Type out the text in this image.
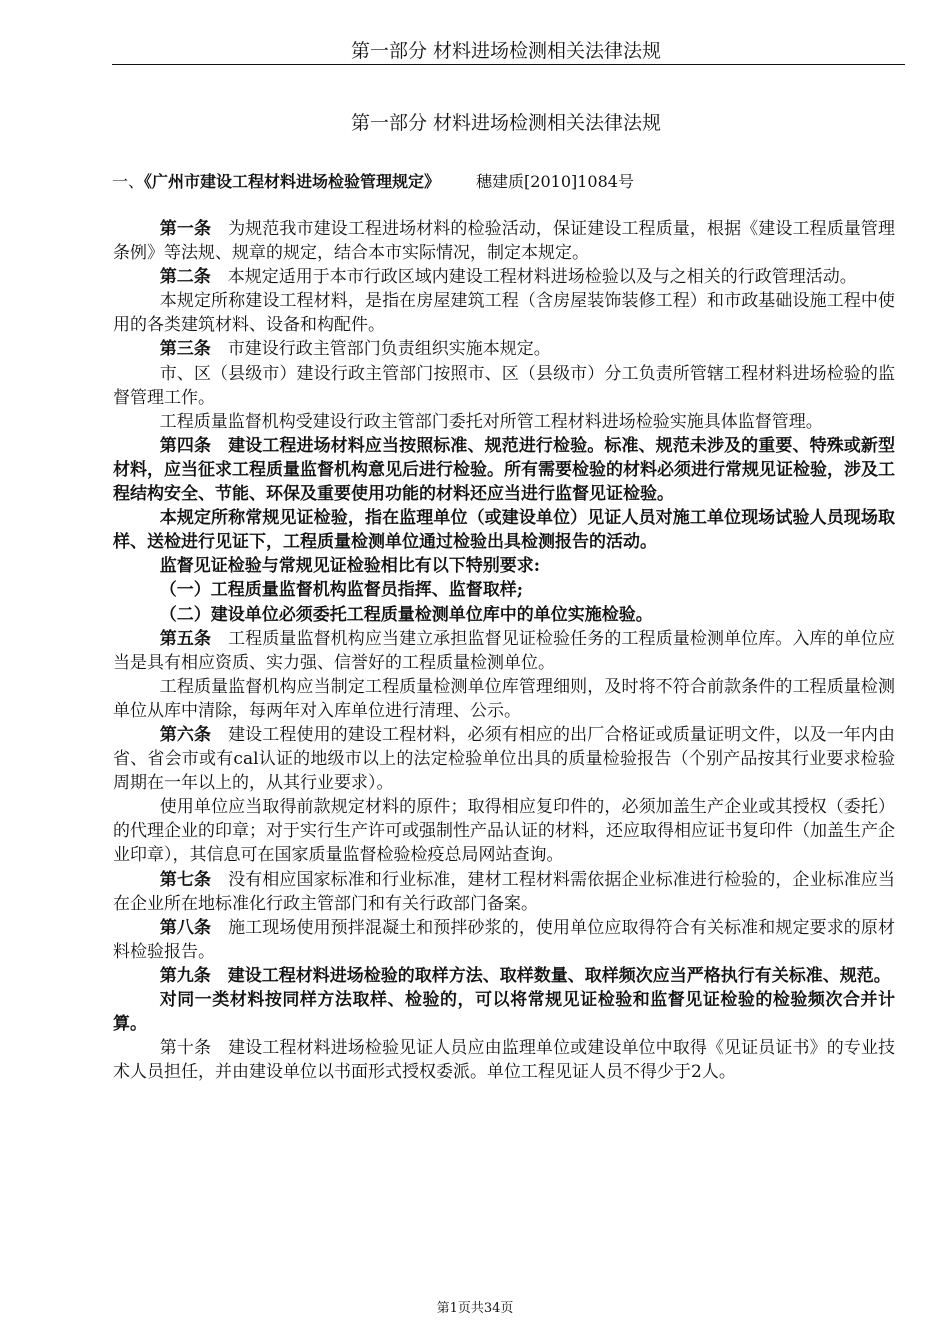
第一部分 材料进场检测相关法律法规
第一部分 材料进场检测相关法律法规
一、《广州市建设工程材料进场检验管理规定》 穗建质[2010]1084号

第一条 为规范我市建设工程进场材料的检验活动，保证建设工程质量，根据《建设工程质量管理条例》等法规、规章的规定，结合本市实际情况，制定本规定。

第二条 本规定适用于本市行政区域内建设工程材料进场检验以及与之相关的行政管理活动。

本规定所称建设工程材料，是指在房屋建筑工程（含房屋装饰装修工程）和市政基础设施工程中使用的各类建筑材料、设备和构配件。

第三条 市建设行政主管部门负责组织实施本规定。

市、区（县级市）建设行政主管部门按照市、区（县级市）分工负责所管辖工程材料进场检验的监督管理工作。

工程质量监督机构受建设行政主管部门委托对所管工程材料进场检验实施具体监督管理。

第四条 建设工程进场材料应当按照标准、规范进行检验。标准、规范未涉及的重要、特殊或新型材料，应当征求工程质量监督机构意见后进行检验。所有需要检验的材料必须进行常规见证检验，涉及工程结构安全、节能、环保及重要使用功能的材料还应当进行监督见证检验。

本规定所称常规见证检验，指在监理单位（或建设单位）见证人员对施工单位现场试验人员现场取样、送检进行见证下，工程质量检测单位通过检验出具检测报告的活动。

监督见证检验与常规见证检验相比有以下特别要求:

（一）工程质量监督机构监督员指挥、监督取样;

（二）建设单位必须委托工程质量检测单位库中的单位实施检验。

第五条 工程质量监督机构应当建立承担监督见证检验任务的工程质量检测单位库。入库的单位应当是具有相应资质、实力强、信誉好的工程质量检测单位。

工程质量监督机构应当制定工程质量检测单位库管理细则，及时将不符合前款条件的工程质量检测单位从库中清除，每两年对入库单位进行清理、公示。

第六条 建设工程使用的建设工程材料，必须有相应的出厂合格证或质量证明文件，以及一年内由省、省会市或有cal认证的地级市以上的法定检验单位出具的质量检验报告（个别产品按其行业要求检验周期在一年以上的，从其行业要求）。

使用单位应当取得前款规定材料的原件；取得相应复印件的，必须加盖生产企业或其授权（委托）的代理企业的印章；对于实行生产许可或强制性产品认证的材料，还应取得相应证书复印件（加盖生产企业印章），其信息可在国家质量监督检验检疫总局网站查询。

第七条 没有相应国家标准和行业标准，建材工程材料需依据企业标准进行检验的，企业标准应当在企业所在地标准化行政主管部门和有关行政部门备案。

第八条 施工现场使用预拌混凝土和预拌砂浆的，使用单位应取得符合有关标准和规定要求的原材料检验报告。

第九条 建设工程材料进场检验的取样方法、取样数量、取样频次应当严格执行有关标准、规范。

对同一类材料按同样方法取样、检验的，可以将常规见证检验和监督见证检验的检验频次合并计算。

第十条 建设工程材料进场检验见证人员应由监理单位或建设单位中取得《见证员证书》的专业技术人员担任，并由建设单位以书面形式授权委派。单位工程见证人员不得少于2人。

第1页共34页
